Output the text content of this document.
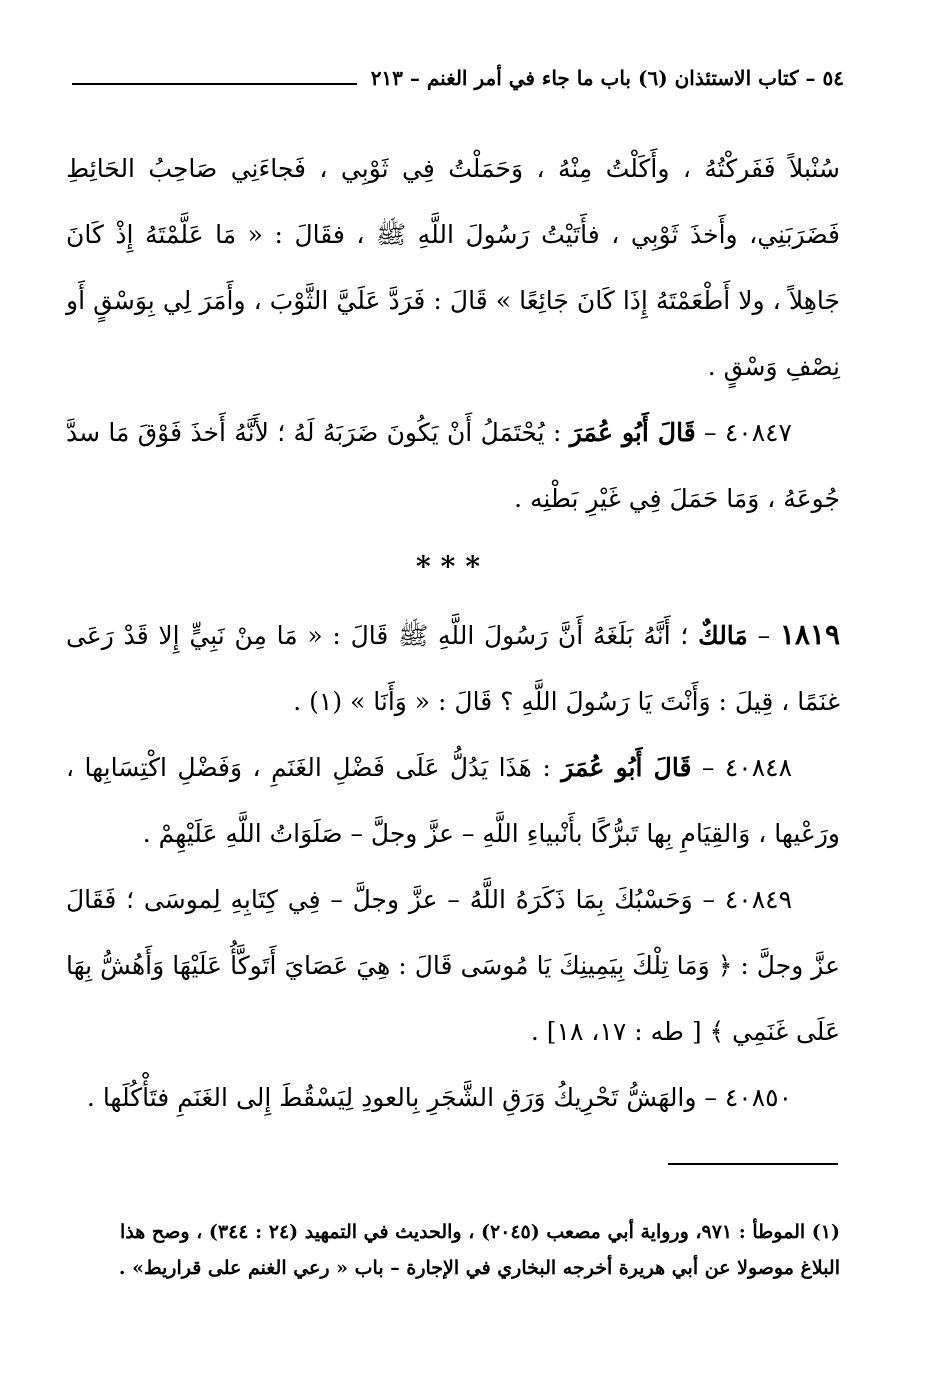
٥٤ – كتاب الاستئذان (٦) باب ما جاء في أمر الغنم – ٢١٣

سُنْبلاً فَفَركْتُهُ ، وأَكَلْتُ مِنْهُ ، وَحَمَلْتُ فِي ثَوْبِي ، فَجاءَنِي صَاحِبُ الحَائِطِ فَضَرَبَنِي، وأَخذَ ثَوْبِي ، فأَتَيْتُ رَسُولَ اللَّهِ ﷺ ، فقَالَ : « مَا عَلَّمْتَهُ إِذْ كَانَ جَاهِلاً ، ولا أَطْعَمْتَهُ إِذَا كَانَ جَائِعًا » قَالَ : فَرَدَّ عَلَيَّ الثَّوْبَ ، وأَمَرَ لِي بِوَسْقٍ أَو نِصْفِ وَسْقٍ .

٤٠٨٤٧ – قَالَ أَبُو عُمَرَ : يُحْتَمَلُ أَنْ يَكُونَ ضَرَبَهُ لَهُ ؛ لأَنَّهُ أَخذَ فَوْقَ مَا سدَّ جُوعَهُ ، وَمَا حَمَلَ فِي غَيْرِ بَطْنِه .

***

١٨١٩ – مَالكٌ ؛ أَنَّهُ بَلَغَهُ أَنَّ رَسُولَ اللَّهِ ﷺ قَالَ : « مَا مِنْ نَبِيٍّ إِلا قَدْ رَعَى غنَمًا ، قِيلَ : وَأَنْتَ يَا رَسُولَ اللَّهِ ؟ قَالَ : « وَأَنَا » (١) .

٤٠٨٤٨ – قَالَ أَبُو عُمَرَ : هَذَا يَدُلُّ عَلَى فَضْلِ الغَنَمِ ، وَفَضْلِ اكْتِسَابِها ، ورَعْيها ، وَالقِيَامِ بِها تَبرُّكًا بأَنْبياءِ اللَّهِ – عزَّ وجلَّ – صَلَوَاتُ اللَّهِ عَلَيْهِمْ .

٤٠٨٤٩ – وَحَسْبُكَ بِمَا ذَكَرَهُ اللَّهُ – عزَّ وجلَّ – فِي كِتَابِهِ لِموسَى ؛ فَقَالَ عزَّ وجلَّ : ﴿ وَمَا تِلْكَ بِيَمِينِكَ يَا مُوسَى قَالَ : هِيَ عَصَايَ أَتَوكَّأُ عَلَيْهَا وَأَهُشُّ بِهَا عَلَى غَنَمِي ﴾ [ طه : ١٧، ١٨] .

٤٠٨٥٠ – والهَشُّ تَحْرِيكُ وَرَقِ الشَّجَرِ بِالعودِ لِيَسْقُطَ إِلى الغَنَمِ فتَأْكُلَها .

(١) الموطأ : ٩٧١، ورواية أبي مصعب (٢٠٤٥) ، والحديث في التمهيد (٢٤ : ٣٤٤) ، وصح هذا

البلاغ موصولا عن أبي هريرة أخرجه البخاري في الإجارة – باب « رعي الغنم على قراريط» .
